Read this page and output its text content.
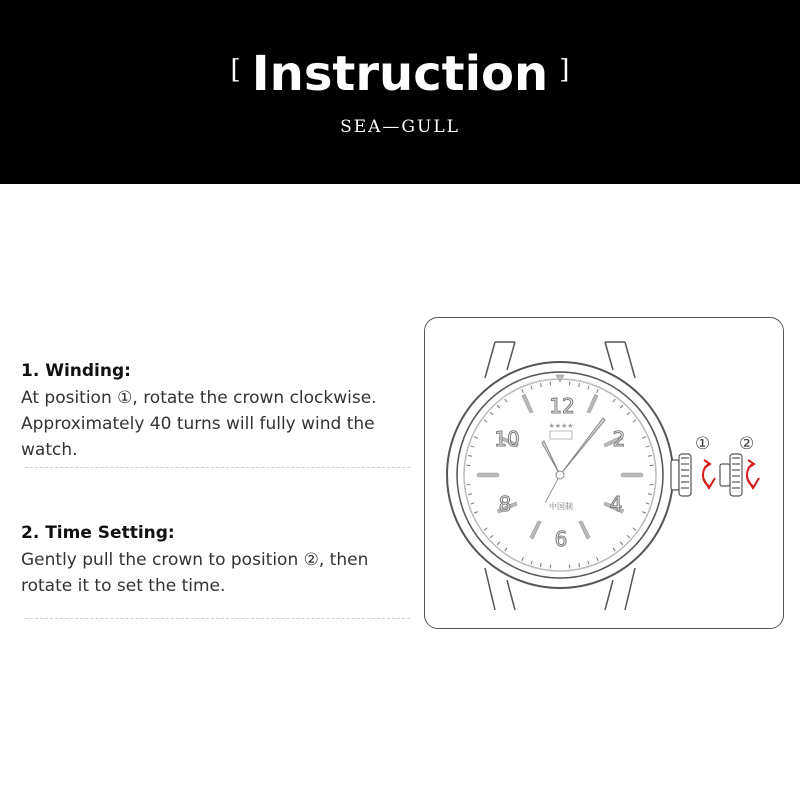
[ Instruction ]
SEA—GULL
1. Winding:

At position ①, rotate the crown clockwise. Approximately 40 turns will fully wind the watch.

2. Time Setting:

Gently pull the crown to position ②, then rotate it to set the time.

12
2
4
6
8
10
★★★★
中国制
① ②
